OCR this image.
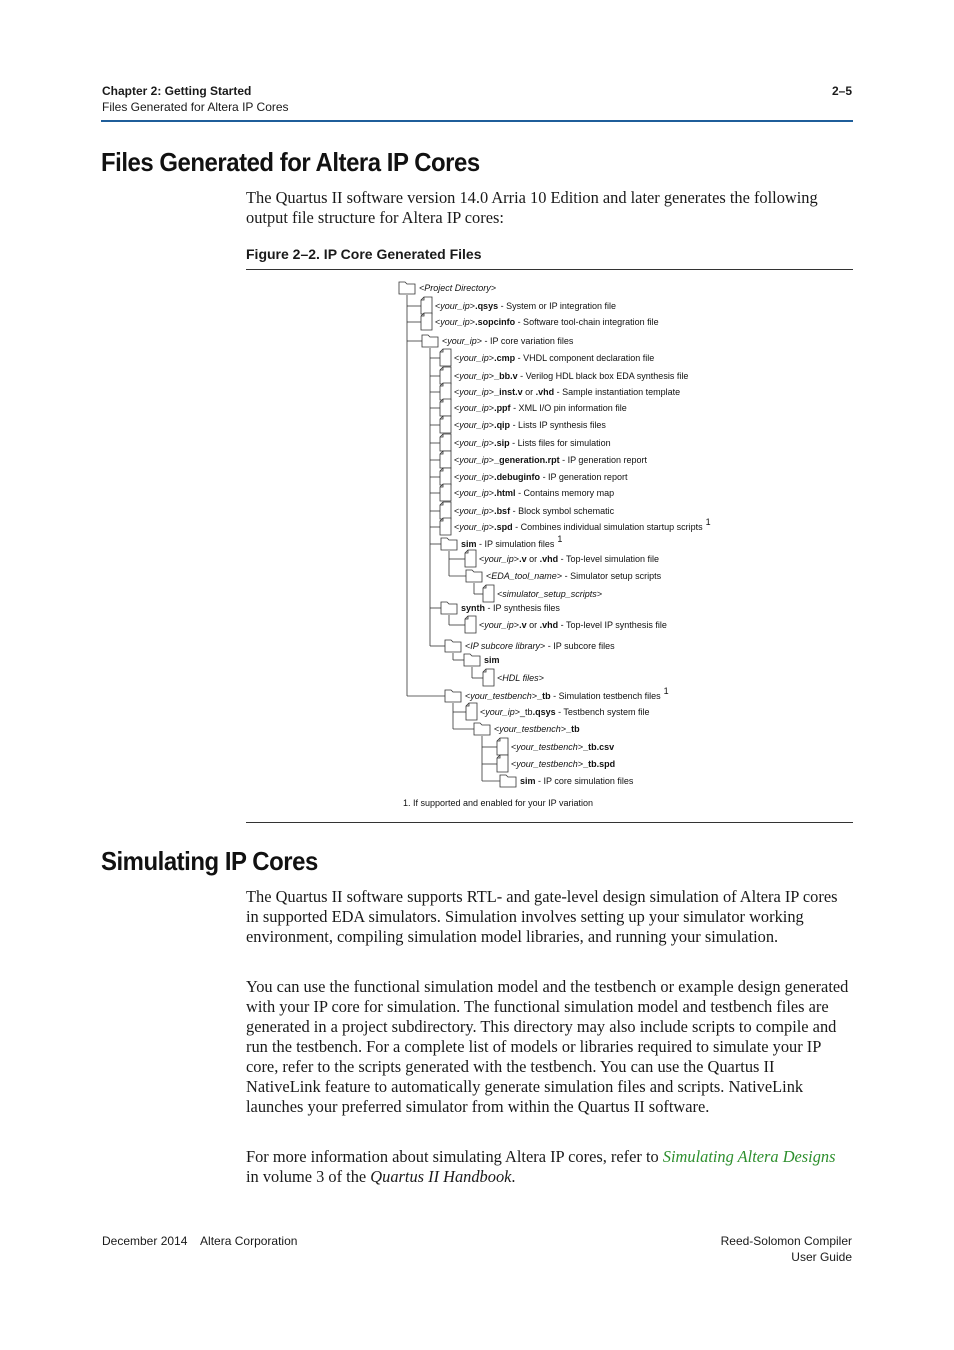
Chapter 2: Getting Started
Files Generated for Altera IP Cores
2–5
Files Generated for Altera IP Cores

The Quartus II software version 14.0 Arria 10 Edition and later generates the following output file structure for Altera IP cores:

Figure 2–2. IP Core Generated Files
<Project Directory>
<your_ip>.qsys - System or IP integration file
<your_ip>.sopcinfo - Software tool-chain integration file
<your_ip> - IP core variation files
<your_ip>.cmp - VHDL component declaration file
<your_ip>_bb.v - Verilog HDL black box EDA synthesis file
<your_ip>_inst.v or .vhd - Sample instantiation template
<your_ip>.ppf - XML I/O pin information file
<your_ip>.qip - Lists IP synthesis files
<your_ip>.sip - Lists files for simulation
<your_ip>_generation.rpt - IP generation report
<your_ip>.debuginfo - IP generation report
<your_ip>.html - Contains memory map
<your_ip>.bsf - Block symbol schematic
<your_ip>.spd - Combines individual simulation startup scripts 1
sim - IP simulation files 1
<your_ip>.v or .vhd - Top-level simulation file
<EDA_tool_name> - Simulator setup scripts
<simulator_setup_scripts>
synth - IP synthesis files
<your_ip>.v or .vhd - Top-level IP synthesis file
<IP subcore library> - IP subcore files
sim
<HDL files>
<your_testbench>_tb - Simulation testbench files 1
<your_ip>_tb.qsys - Testbench system file
<your_testbench>_tb
<your_testbench>_tb.csv
<your_testbench>_tb.spd
sim - IP core simulation files
1. If supported and enabled for your IP variation
Simulating IP Cores

The Quartus II software supports RTL- and gate-level design simulation of Altera IP cores in supported EDA simulators. Simulation involves setting up your simulator working environment, compiling simulation model libraries, and running your simulation.

You can use the functional simulation model and the testbench or example design generated with your IP core for simulation. The functional simulation model and testbench files are generated in a project subdirectory. This directory may also include scripts to compile and run the testbench. For a complete list of models or libraries required to simulate your IP core, refer to the scripts generated with the testbench. You can use the Quartus II NativeLink feature to automatically generate simulation files and scripts. NativeLink launches your preferred simulator from within the Quartus II software.

For more information about simulating Altera IP cores, refer to Simulating Altera Designs in volume 3 of the Quartus II Handbook.

December 2014    Altera Corporation	Reed-Solomon Compiler
User Guide
